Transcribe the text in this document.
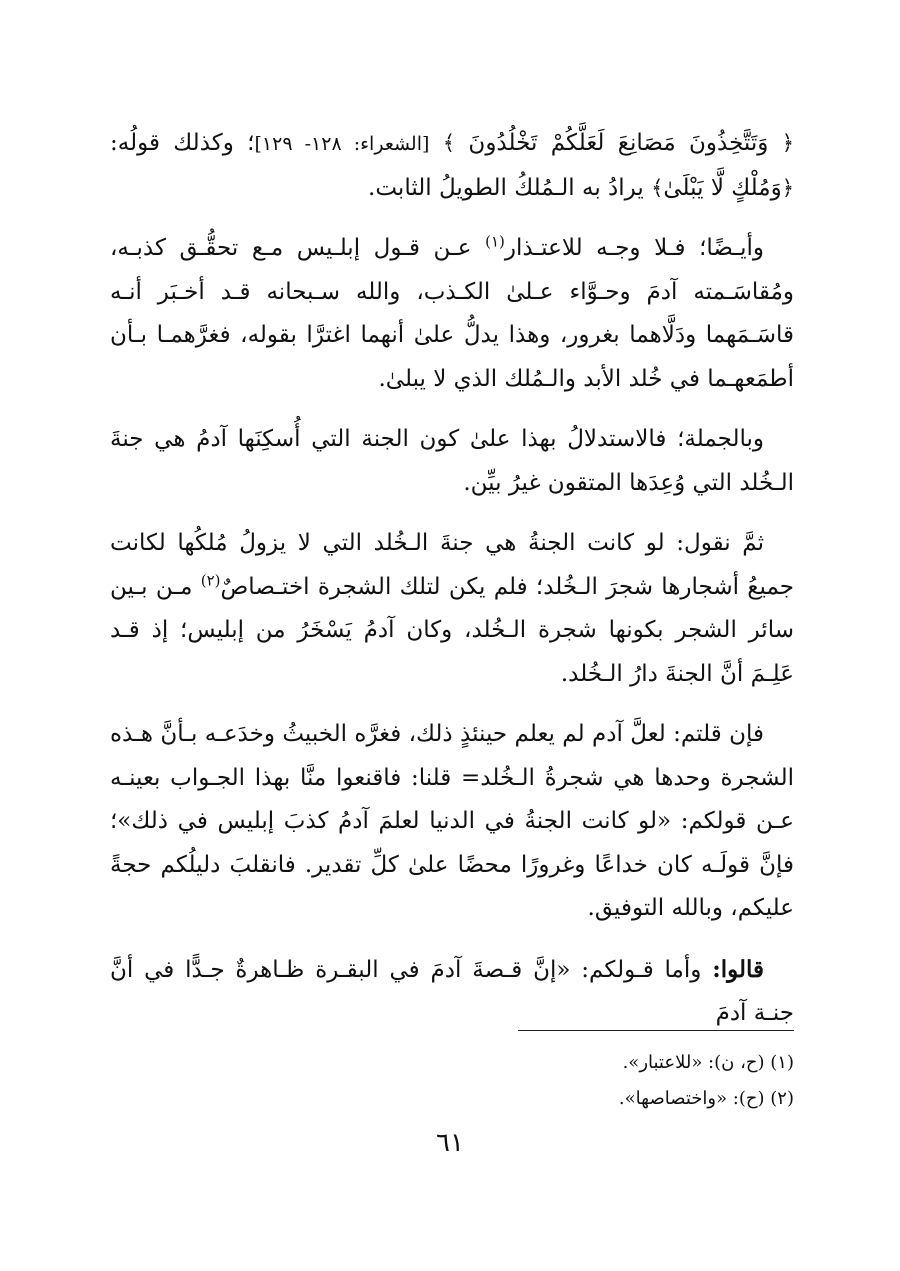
﴿ وَتَتَّخِذُونَ مَصَانِعَ لَعَلَّكُمْ تَخْلُدُونَ ﴾ [الشعراء: ١٢٨- ١٢٩]؛ وكذلك قولُه: ﴿وَمُلْكٍ لَّا يَبْلَىٰ﴾ يرادُ به الـمُلكُ الطويلُ الثابت.

وأيـضًا؛ فـلا وجـه للاعتـذار$^{(١)}$ عـن قـول إبلـيس مـع تحقُّـق كذبـه، ومُقاسَـمته آدمَ وحـوَّاء عـلىٰ الكـذب، والله سـبحانه قـد أخـبَر أنـه قاسَـمَهما ودَلَّاهما بغرور، وهذا يدلُّ علىٰ أنهما اغترَّا بقوله، فغرَّهمـا بـأن أطمَعهـما في خُلد الأبد والـمُلك الذي لا يبلىٰ.

وبالجملة؛ فالاستدلالُ بهذا علىٰ كون الجنة التي أُسكِنَها آدمُ هي جنةَ الـخُلد التي وُعِدَها المتقون غيرُ بيِّن.

ثمَّ نقول: لو كانت الجنةُ هي جنةَ الـخُلد التي لا يزولُ مُلكُها لكانت جميعُ أشجارها شجرَ الـخُلد؛ فلم يكن لتلك الشجرة اختـصاصٌ$^{(٢)}$ مـن بـين سائر الشجر بكونها شجرة الـخُلد، وكان آدمُ يَسْخَرُ من إبليس؛ إذ قـد عَلِـمَ أنَّ الجنةَ دارُ الـخُلد.

فإن قلتم: لعلَّ آدم لم يعلم حينئذٍ ذلك، فغرَّه الخبيثُ وخدَعـه بـأنَّ هـذه الشجرة وحدها هي شجرةُ الـخُلد= قلنا: فاقنعوا منَّا بهذا الجـواب بعينـه عـن قولكم: «لو كانت الجنةُ في الدنيا لعلمَ آدمُ كذبَ إبليس في ذلك»؛ فإنَّ قولَـه كان خداعًا وغرورًا محضًا علىٰ كلِّ تقدير. فانقلبَ دليلُكم حجةً عليكم، وبالله التوفيق.

قالوا: وأما قـولكم: «إنَّ قـصةَ آدمَ في البقـرة ظـاهرةٌ جـدًّا في أنَّ جنـة آدمَ

(١) (ح، ن): «للاعتبار».

(٢) (ح): «واختصاصها».

٦١
